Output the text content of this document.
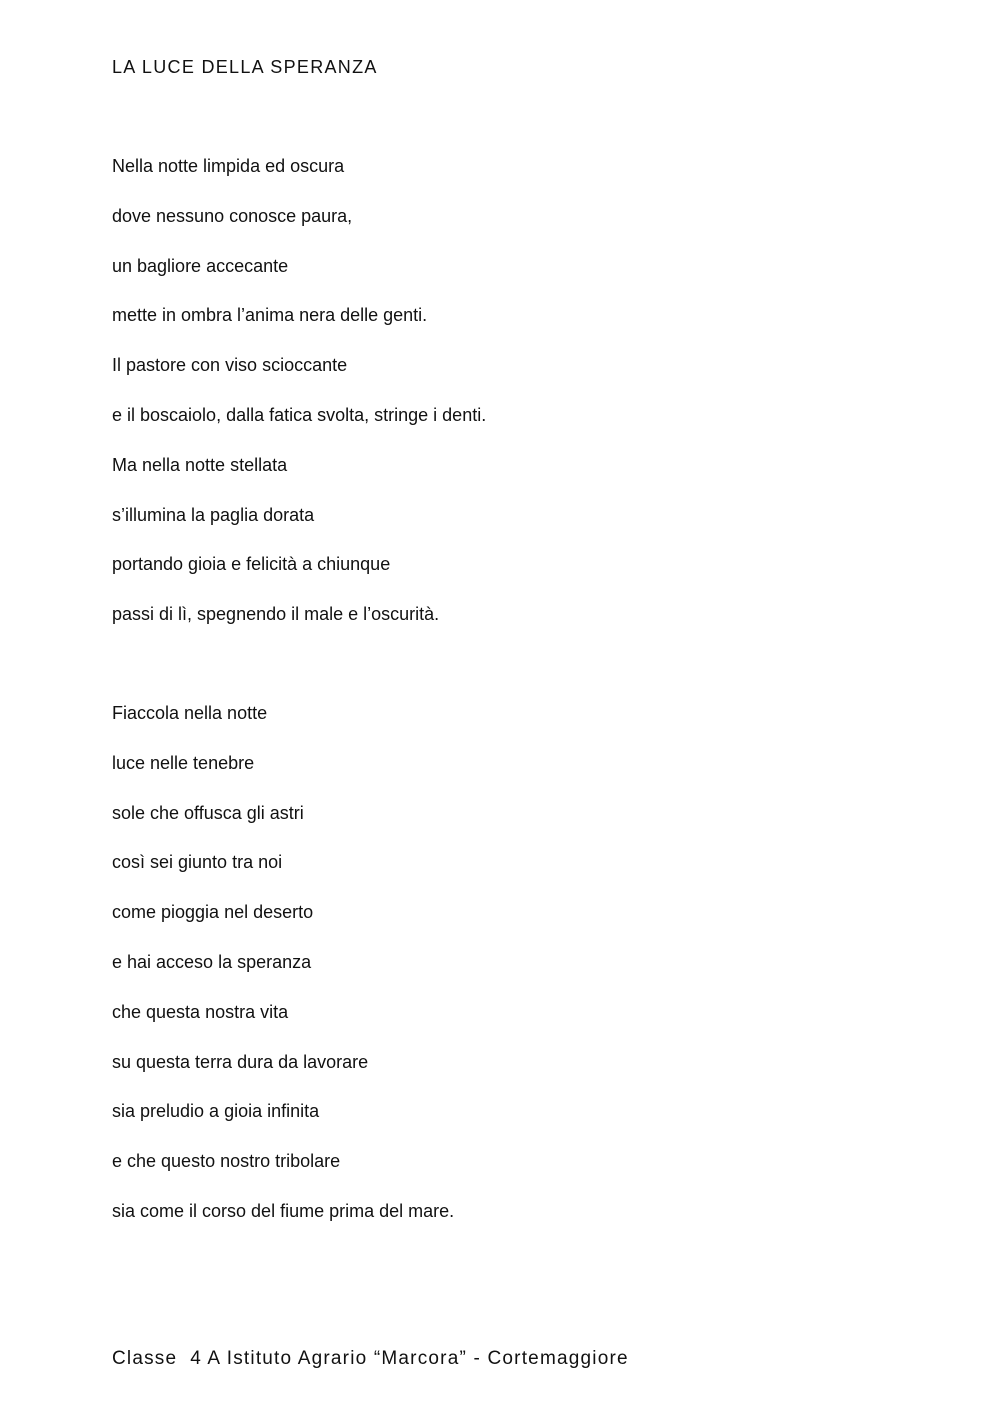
LA LUCE DELLA SPERANZA
Nella notte limpida ed oscura
dove nessuno conosce paura,
un bagliore accecante
mette in ombra l’anima nera delle genti.
Il pastore con viso scioccante
e il boscaiolo, dalla fatica svolta, stringe i denti.
Ma nella notte stellata
s’illumina la paglia dorata
portando gioia e felicità a chiunque
passi di lì, spegnendo il male e l’oscurità.
Fiaccola nella notte
luce nelle tenebre
sole che offusca gli astri
così sei giunto tra noi
come pioggia nel deserto
e hai acceso la speranza
che questa nostra vita
su questa terra dura da lavorare
sia preludio a gioia infinita
e che questo nostro tribolare
sia come il corso del fiume prima del mare.
Classe  4 A Istituto Agrario “Marcora” - Cortemaggiore
